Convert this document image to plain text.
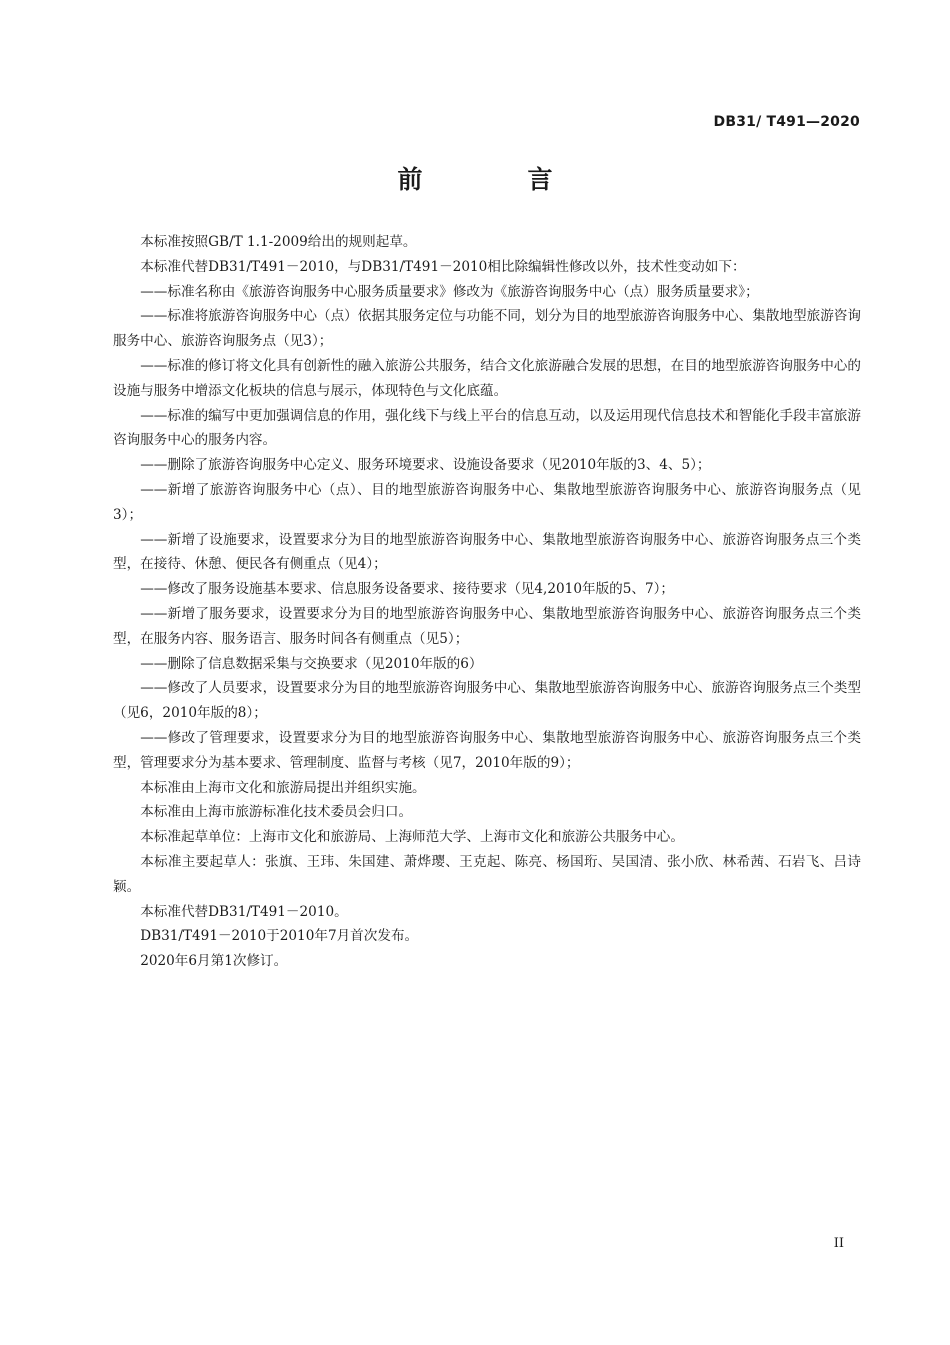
DB31/ T491—2020
前　言

本标准按照GB/T 1.1-2009给出的规则起草。

本标准代替DB31/T491－2010，与DB31/T491－2010相比除编辑性修改以外，技术性变动如下：

——标准名称由《旅游咨询服务中心服务质量要求》修改为《旅游咨询服务中心（点）服务质量要求》；

——标准将旅游咨询服务中心（点）依据其服务定位与功能不同，划分为目的地型旅游咨询服务中心、集散地型旅游咨询服务中心、旅游咨询服务点（见3）；

——标准的修订将文化具有创新性的融入旅游公共服务，结合文化旅游融合发展的思想，在目的地型旅游咨询服务中心的设施与服务中增添文化板块的信息与展示，体现特色与文化底蕴。

——标准的编写中更加强调信息的作用，强化线下与线上平台的信息互动，以及运用现代信息技术和智能化手段丰富旅游咨询服务中心的服务内容。

——删除了旅游咨询服务中心定义、服务环境要求、设施设备要求（见2010年版的3、4、5）；

——新增了旅游咨询服务中心（点）、目的地型旅游咨询服务中心、集散地型旅游咨询服务中心、旅游咨询服务点（见3）；

——新增了设施要求，设置要求分为目的地型旅游咨询服务中心、集散地型旅游咨询服务中心、旅游咨询服务点三个类型，在接待、休憩、便民各有侧重点（见4）；

——修改了服务设施基本要求、信息服务设备要求、接待要求（见4,2010年版的5、7）；

——新增了服务要求，设置要求分为目的地型旅游咨询服务中心、集散地型旅游咨询服务中心、旅游咨询服务点三个类型，在服务内容、服务语言、服务时间各有侧重点（见5）；

——删除了信息数据采集与交换要求（见2010年版的6）

——修改了人员要求，设置要求分为目的地型旅游咨询服务中心、集散地型旅游咨询服务中心、旅游咨询服务点三个类型（见6，2010年版的8）；

——修改了管理要求，设置要求分为目的地型旅游咨询服务中心、集散地型旅游咨询服务中心、旅游咨询服务点三个类型，管理要求分为基本要求、管理制度、监督与考核（见7，2010年版的9）；

本标准由上海市文化和旅游局提出并组织实施。

本标准由上海市旅游标准化技术委员会归口。

本标准起草单位：上海市文化和旅游局、上海师范大学、上海市文化和旅游公共服务中心。

本标准主要起草人：张旗、王玮、朱国建、萧烨璎、王克起、陈亮、杨国珩、吴国清、张小欣、林希茜、石岩飞、吕诗颖。

本标准代替DB31/T491－2010。

DB31/T491－2010于2010年7月首次发布。

2020年6月第1次修订。

II
